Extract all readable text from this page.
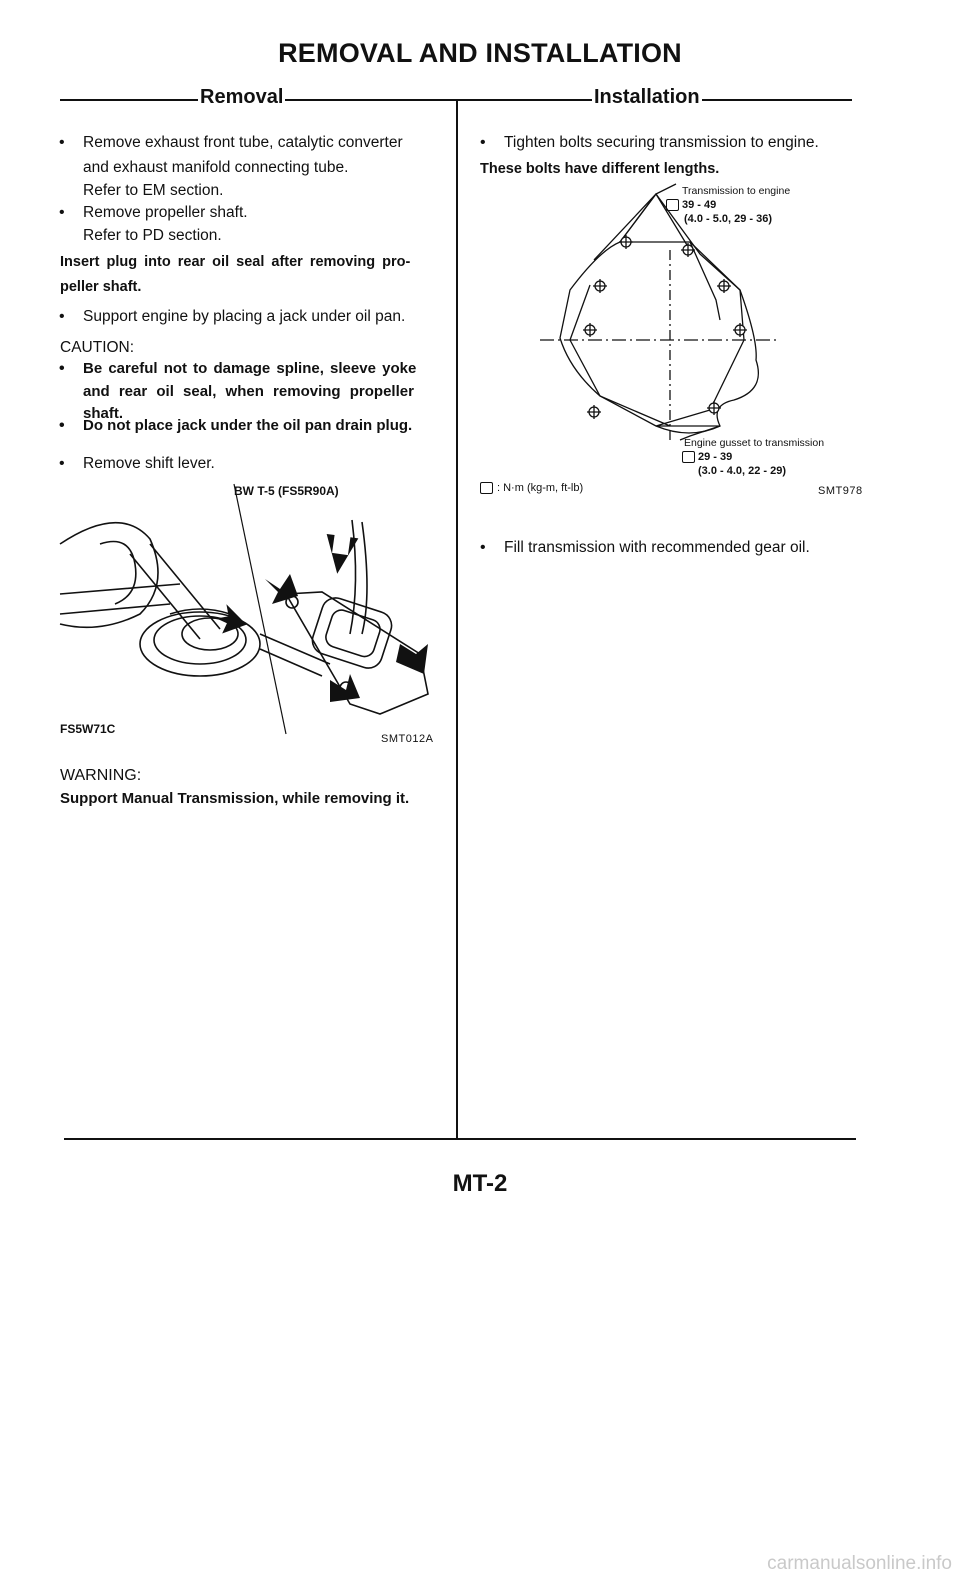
REMOVAL AND INSTALLATION
Removal	Installation
• Remove exhaust front tube, catalytic converter
and exhaust manifold connecting tube.
Refer to EM section.
• Remove propeller shaft.
Refer to PD section.
Insert plug into rear oil seal after removing pro-
peller shaft.
• Support engine by placing a jack under oil pan.
CAUTION:
• Be careful not to damage spline, sleeve yoke
and rear oil seal, when removing propeller
shaft.
• Do not place jack under the oil pan drain plug.
• Remove shift lever.
BW T-5 (FS5R90A)
FS5W71C
SMT012A
WARNING:
Support Manual Transmission, while removing it.
• Tighten bolts securing transmission to engine.
These bolts have different lengths.
Transmission to engine
39 - 49
(4.0 - 5.0, 29 - 36)
Engine gusset to transmission
29 - 39
(3.0 - 4.0, 22 - 29)
: N·m (kg-m, ft-lb)	SMT978
• Fill transmission with recommended gear oil.
MT-2
carmanualsonline.info
